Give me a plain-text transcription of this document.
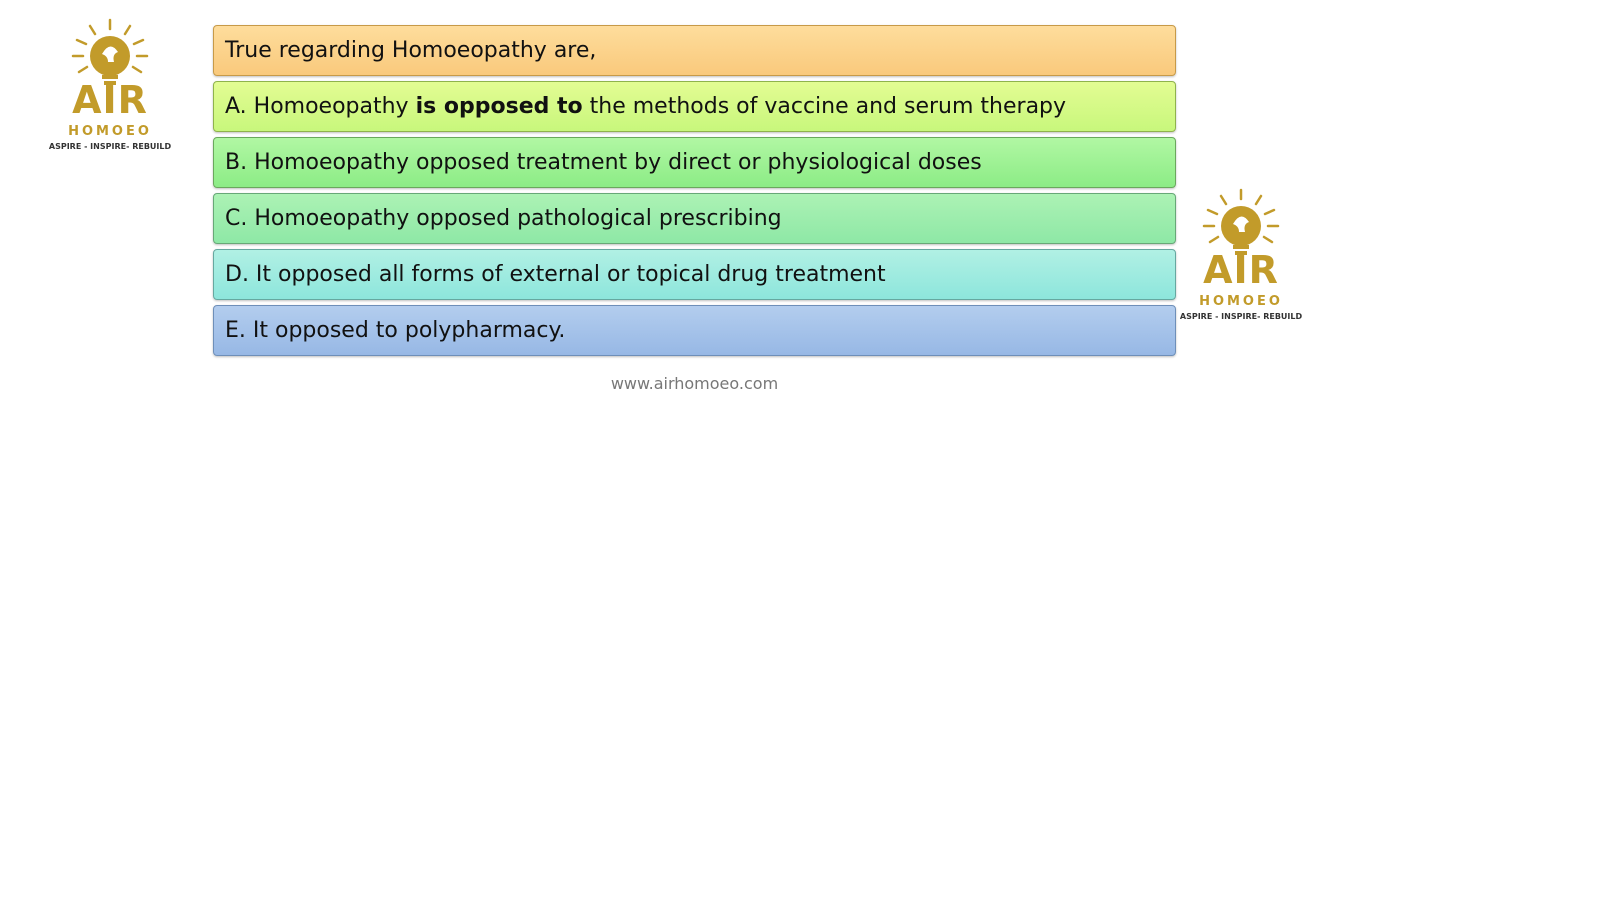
AIR
HOMOEO
ASPIRE - INSPIRE- REBUILD
True regarding Homoeopathy are,
A. Homoeopathy is opposed to the methods of vaccine and serum therapy
B. Homoeopathy opposed treatment by direct or physiological doses
C. Homoeopathy opposed pathological prescribing
D. It opposed all forms of external or topical drug treatment
E. It opposed to polypharmacy.
www.airhomoeo.com
AIR
HOMOEO
ASPIRE - INSPIRE- REBUILD
